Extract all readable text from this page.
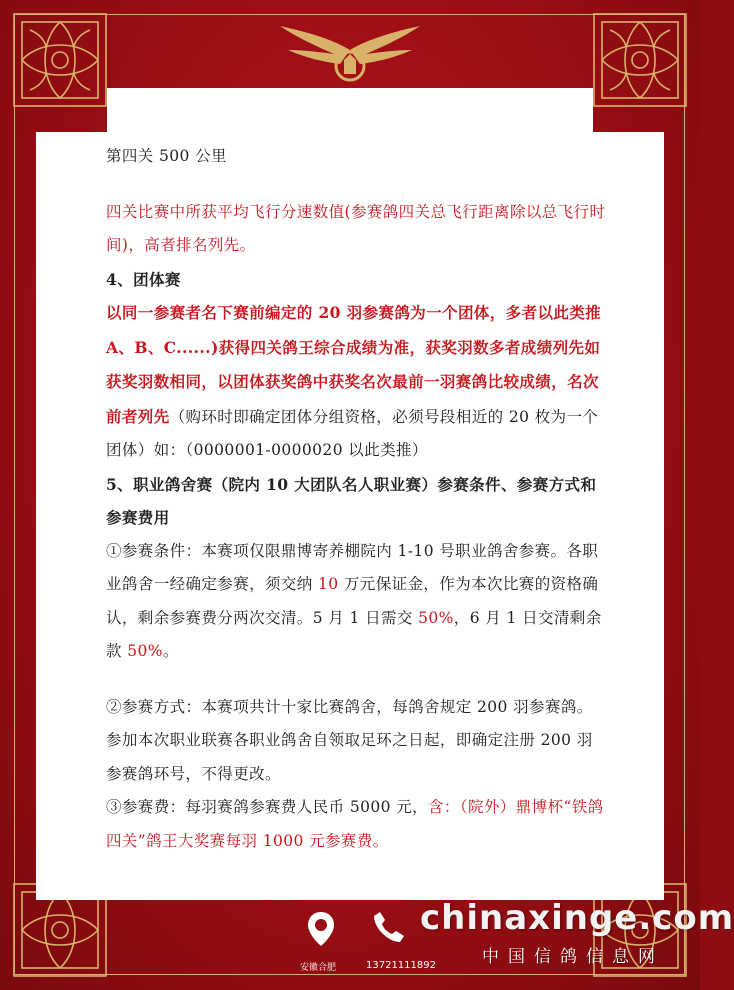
第四关 500 公里

四关比赛中所获平均飞行分速数值(参赛鸽四关总飞行距离除以总飞行时间)，高者排名列先。

4、团体赛

以同一参赛者名下赛前编定的 20 羽参赛鸽为一个团体，多者以此类推 A、B、C......)获得四关鸽王综合成绩为准，获奖羽数多者成绩列先如获奖羽数相同，以团体获奖鸽中获奖名次最前一羽赛鸽比较成绩，名次前者列先（购环时即确定团体分组资格，必须号段相近的 20 枚为一个团体）如：（0000001-0000020 以此类推）

5、职业鸽舍赛（院内 10 大团队名人职业赛）参赛条件、参赛方式和参赛费用

①参赛条件：本赛项仅限鼎博寄养棚院内 1-10 号职业鸽舍参赛。各职业鸽舍一经确定参赛，须交纳 10 万元保证金，作为本次比赛的资格确认，剩余参赛费分两次交清。5 月 1 日需交 50%，6 月 1 日交清剩余款 50%。

②参赛方式：本赛项共计十家比赛鸽舍，每鸽舍规定 200 羽参赛鸽。参加本次职业联赛各职业鸽舍自领取足环之日起，即确定注册 200 羽参赛鸽环号，不得更改。

③参赛费：每羽赛鸽参赛费人民币 5000 元，含：（院外）鼎博杯“铁鸽四关”鸽王大奖赛每羽 1000 元参赛费。

安徽合肥	13721111892
chinaxinge.com
中国信鸽信息网
